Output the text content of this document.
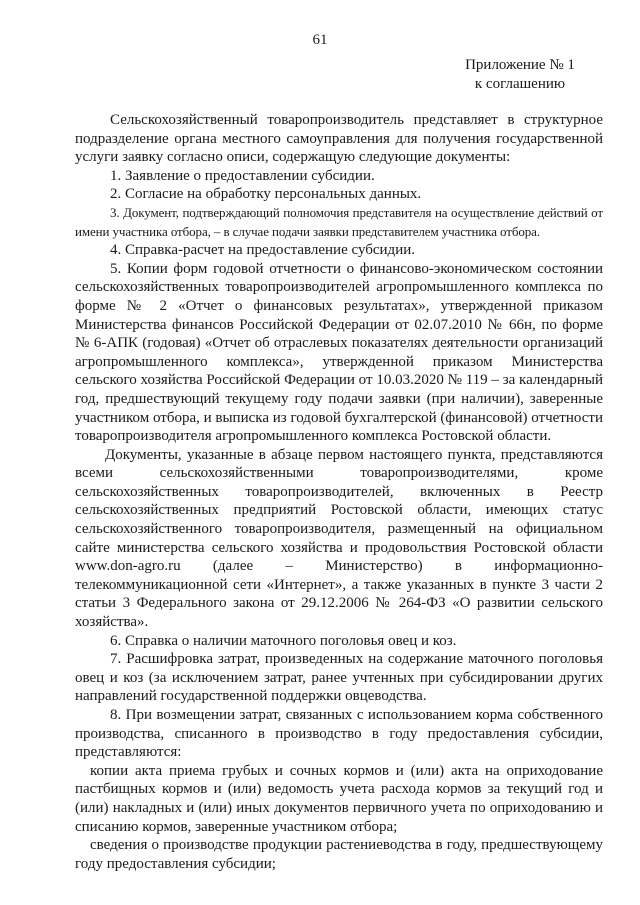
61
Приложение № 1
к соглашению

Сельскохозяйственный товаропроизводитель представляет в структурное подразделение органа местного самоуправления для получения государственной услуги заявку согласно описи, содержащую следующие документы:

1. Заявление о предоставлении субсидии.

2. Согласие на обработку персональных данных.

3. Документ, подтверждающий полномочия представителя на осуществление действий от имени участника отбора, – в случае подачи заявки представителем участника отбора.

4. Справка-расчет на предоставление субсидии.

5. Копии форм годовой отчетности о финансово-экономическом состоянии сельскохозяйственных товаропроизводителей агропромышленного комплекса по форме № 2 «Отчет о финансовых результатах», утвержденной приказом Министерства финансов Российской Федерации от 02.07.2010 № 66н, по форме № 6-АПК (годовая) «Отчет об отраслевых показателях деятельности организаций агропромышленного комплекса», утвержденной приказом Министерства сельского хозяйства Российской Федерации от 10.03.2020 № 119 – за календарный год, предшествующий текущему году подачи заявки (при наличии), заверенные участником отбора, и выписка из годовой бухгалтерской (финансовой) отчетности товаропроизводителя агропромышленного комплекса Ростовской области.

Документы, указанные в абзаце первом настоящего пункта, представляются всеми сельскохозяйственными товаропроизводителями, кроме сельскохозяйственных товаропроизводителей, включенных в Реестр сельскохозяйственных предприятий Ростовской области, имеющих статус сельскохозяйственного товаропроизводителя, размещенный на официальном сайте министерства сельского хозяйства и продовольствия Ростовской области www.don-agro.ru (далее – Министерство) в информационно-телекоммуникационной сети «Интернет», а также указанных в пункте 3 части 2 статьи 3 Федерального закона от 29.12.2006 № 264-ФЗ «О развитии сельского хозяйства».

6. Справка о наличии маточного поголовья овец и коз.

7. Расшифровка затрат, произведенных на содержание маточного поголовья овец и коз (за исключением затрат, ранее учтенных при субсидировании других направлений государственной поддержки овцеводства.

8. При возмещении затрат, связанных с использованием корма собственного производства, списанного в производство в году предоставления субсидии, представляются:

копии акта приема грубых и сочных кормов и (или) акта на оприходование пастбищных кормов и (или) ведомость учета расхода кормов за текущий год и (или) накладных и (или) иных документов первичного учета по оприходованию и списанию кормов, заверенные участником отбора;

сведения о производстве продукции растениеводства в году, предшествующему году предоставления субсидии;
